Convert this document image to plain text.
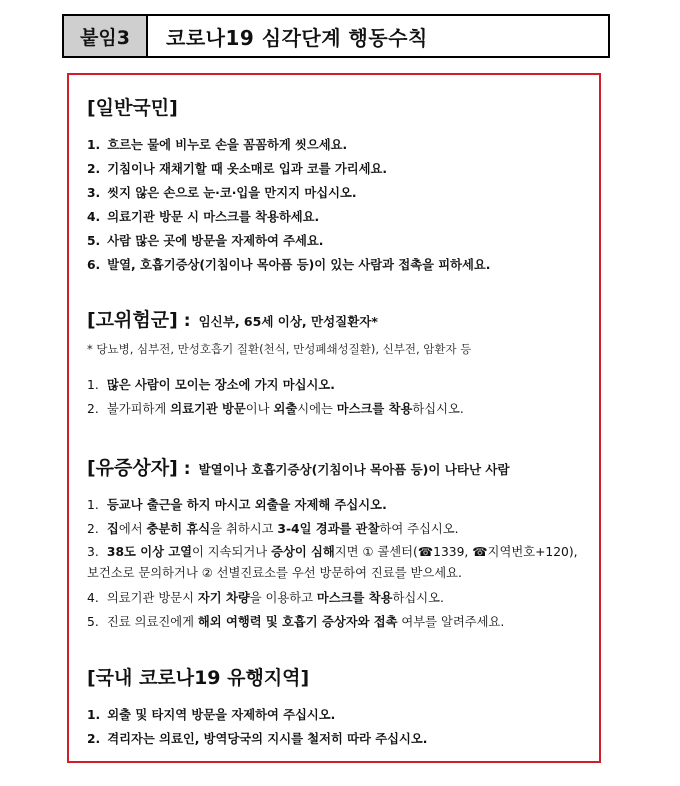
붙임3	코로나19 심각단계 행동수칙
[일반국민]
1. 흐르는 물에 비누로 손을 꼼꼼하게 씻으세요.
2. 기침이나 재채기할 때 옷소매로 입과 코를 가리세요.
3. 씻지 않은 손으로 눈·코·입을 만지지 마십시오.
4. 의료기관 방문 시 마스크를 착용하세요.
5. 사람 많은 곳에 방문을 자제하여 주세요.
6. 발열, 호흡기증상(기침이나 목아픔 등)이 있는 사람과 접촉을 피하세요.
[고위험군] : 임신부, 65세 이상, 만성질환자*
* 당뇨병, 심부전, 만성호흡기 질환(천식, 만성폐쇄성질환), 신부전, 암환자 등
1. 많은 사람이 모이는 장소에 가지 마십시오.
2. 불가피하게 의료기관 방문이나 외출시에는 마스크를 착용하십시오.
[유증상자] : 발열이나 호흡기증상(기침이나 목아픔 등)이 나타난 사람
1. 등교나 출근을 하지 마시고 외출을 자제해 주십시오.
2. 집에서 충분히 휴식을 취하시고 3-4일 경과를 관찰하여 주십시오.
3. 38도 이상 고열이 지속되거나 증상이 심해지면 ① 콜센터(☎1339, ☎지역번호+120), 보건소로 문의하거나 ② 선별진료소를 우선 방문하여 진료를 받으세요.
4. 의료기관 방문시 자기 차량을 이용하고 마스크를 착용하십시오.
5. 진료 의료진에게 해외 여행력 및 호흡기 증상자와 접촉 여부를 알려주세요.
[국내 코로나19 유행지역]
1. 외출 및 타지역 방문을 자제하여 주십시오.
2. 격리자는 의료인, 방역당국의 지시를 철저히 따라 주십시오.
